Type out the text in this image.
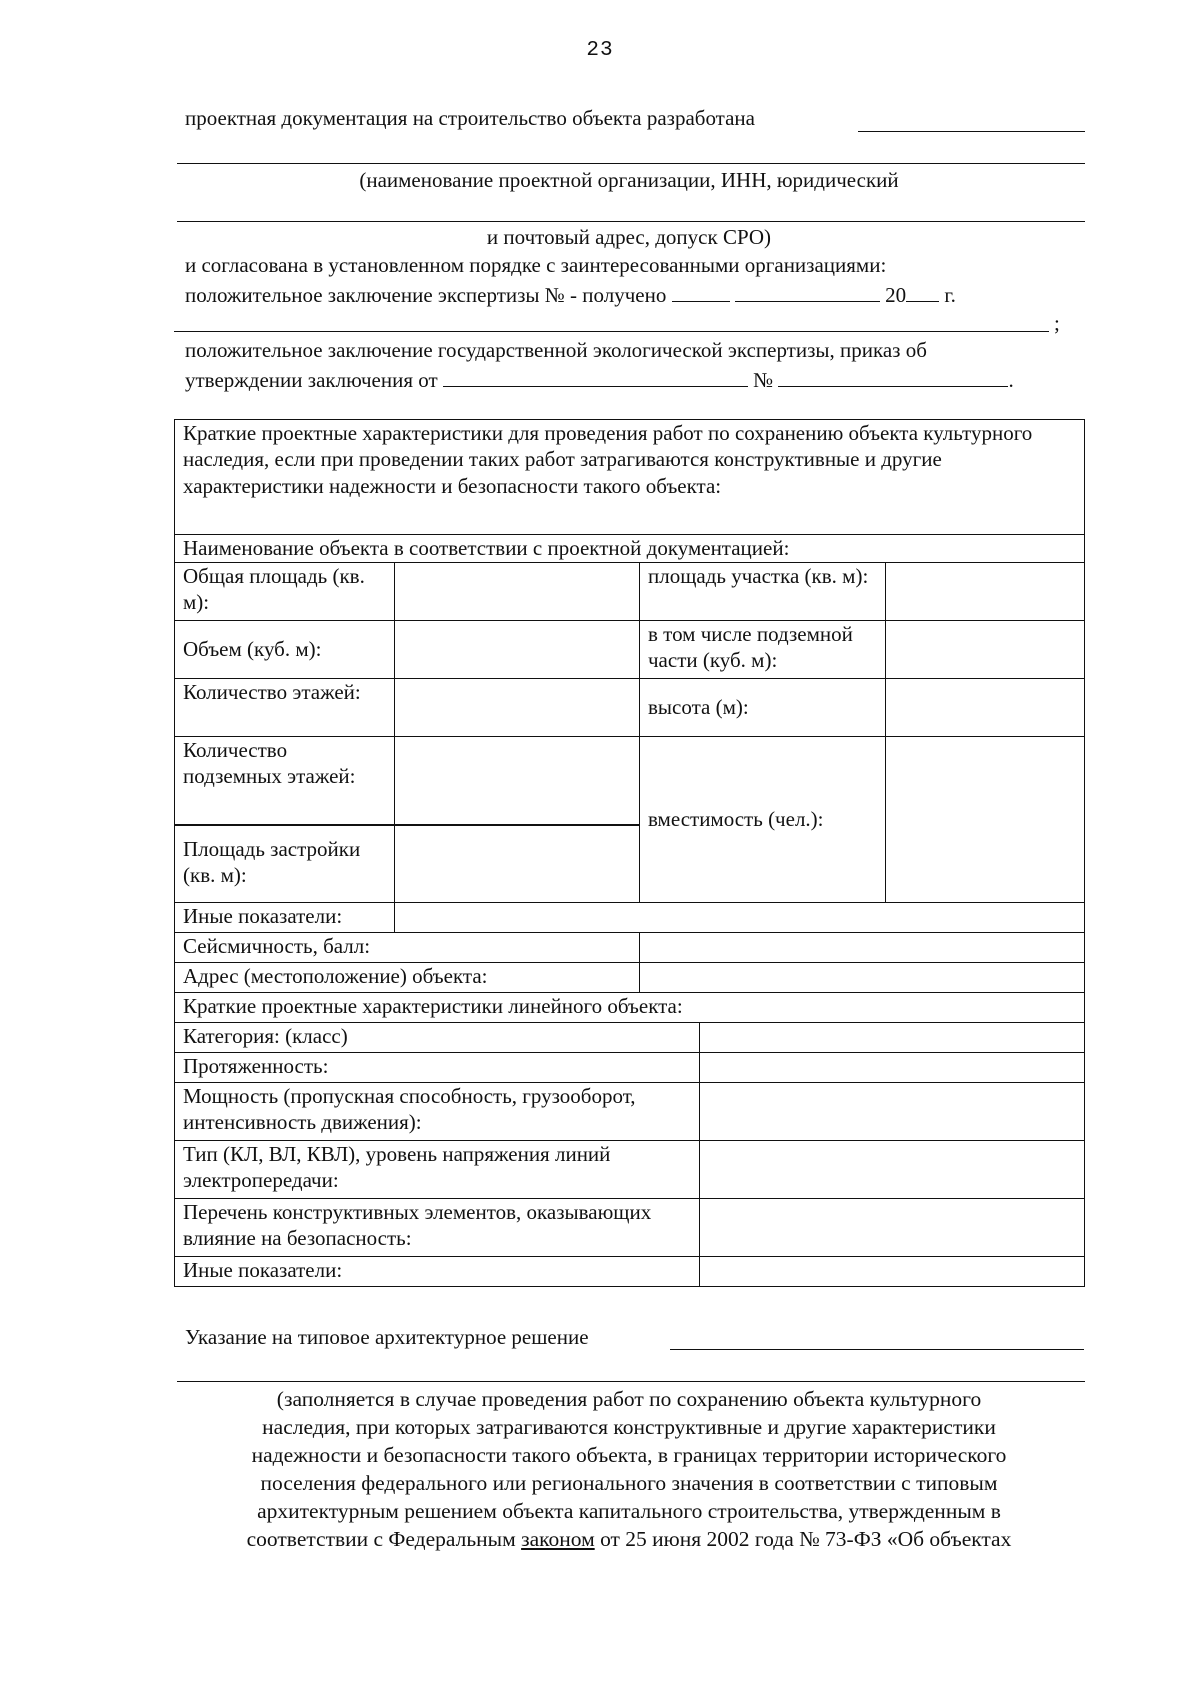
23
проектная документация на строительство объекта разработана
(наименование проектной организации, ИНН, юридический
и почтовый адрес, допуск СРО)
и согласована в установленном порядке с заинтересованными организациями:
положительное заключение экспертизы № - получено	20 г.
;
положительное заключение государственной экологической экспертизы, приказ об
утверждении заключения от	№	.
Краткие проектные характеристики для проведения работ по сохранению объекта культурного наследия, если при проведении таких работ затрагиваются конструктивные и другие характеристики надежности и безопасности такого объекта:				
Наименование объекта в соответствии с проектной документацией:				
Общая площадь (кв. м):		площадь участка (кв. м):		
Объем (куб. м):		в том числе подземной части (куб. м):		
Количество этажей:		высота (м):		
Количество подземных этажей:		вместимость (чел.):		

Площадь застройки (кв. м):				

Иные показатели:				
Сейсмичность, балл:				
Адрес (местоположение) объекта:				
Краткие проектные характеристики линейного объекта:				
Категория: (класс)				
Протяженность:				
Мощность (пропускная способность, грузооборот, интенсивность движения):				
Тип (КЛ, ВЛ, КВЛ), уровень напряжения линий электропередачи:				
Перечень конструктивных элементов, оказывающих влияние на безопасность:				
Иные показатели:				
Указание на типовое архитектурное решение
(заполняется в случае проведения работ по сохранению объекта культурного
наследия, при которых затрагиваются конструктивные и другие характеристики
надежности и безопасности такого объекта, в границах территории исторического
поселения федерального или регионального значения в соответствии с типовым
архитектурным решением объекта капитального строительства, утвержденным в
соответствии с Федеральным законом от 25 июня 2002 года № 73-ФЗ «Об объектах
